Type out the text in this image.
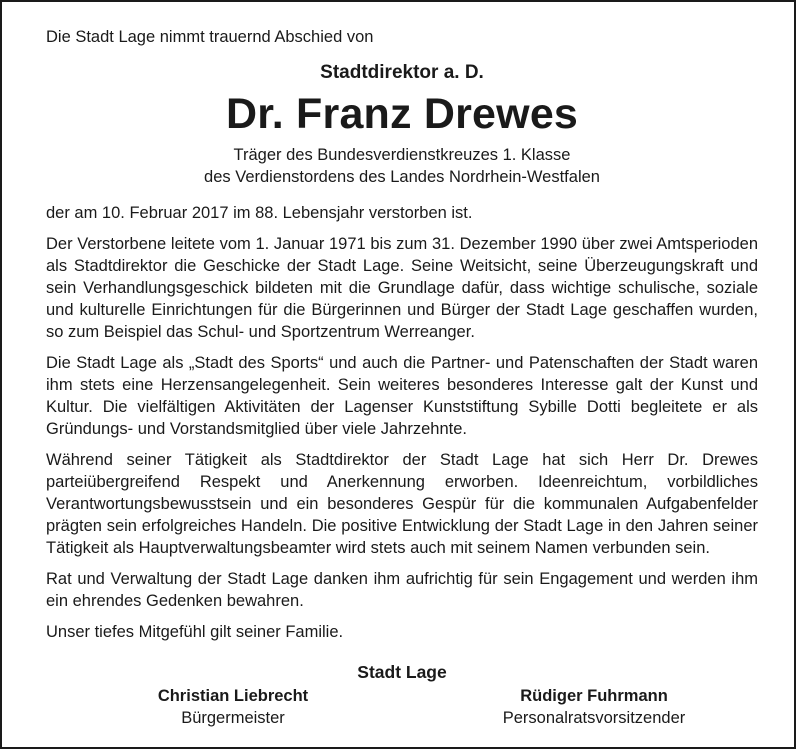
Die Stadt Lage nimmt trauernd Abschied von

Stadtdirektor a. D.

Dr. Franz Drewes

Träger des Bundesverdienstkreuzes 1. Klasse

des Verdienstordens des Landes Nordrhein-Westfalen

der am 10. Februar 2017 im 88. Lebensjahr verstorben ist.

Der Verstorbene leitete vom 1. Januar 1971 bis zum 31. Dezember 1990 über zwei Amtsperioden als Stadtdirektor die Geschicke der Stadt Lage. Seine Weitsicht, seine Überzeugungskraft und sein Verhandlungsgeschick bildeten mit die Grundlage dafür, dass wichtige schulische, soziale und kulturelle Einrichtungen für die Bürgerinnen und Bürger der Stadt Lage geschaffen wurden, so zum Beispiel das Schul- und Sportzentrum Werreanger.

Die Stadt Lage als „Stadt des Sports“ und auch die Partner- und Patenschaften der Stadt waren ihm stets eine Herzensangelegenheit. Sein weiteres besonderes Interesse galt der Kunst und Kultur. Die vielfältigen Aktivitäten der Lagenser Kunststiftung Sybille Dotti begleitete er als Gründungs- und Vorstandsmitglied über viele Jahrzehnte.

Während seiner Tätigkeit als Stadtdirektor der Stadt Lage hat sich Herr Dr. Drewes parteiübergreifend Respekt und Anerkennung erworben. Ideenreichtum, vorbildliches Verantwortungsbewusstsein und ein besonderes Gespür für die kommunalen Aufgabenfelder prägten sein erfolgreiches Handeln. Die positive Entwicklung der Stadt Lage in den Jahren seiner Tätigkeit als Hauptverwaltungsbeamter wird stets auch mit seinem Namen verbunden sein.

Rat und Verwaltung der Stadt Lage danken ihm aufrichtig für sein Engagement und werden ihm ein ehrendes Gedenken bewahren.

Unser tiefes Mitgefühl gilt seiner Familie.

Stadt Lage

Christian Liebrecht
Bürgermeister
Rüdiger Fuhrmann
Personalratsvorsitzender
